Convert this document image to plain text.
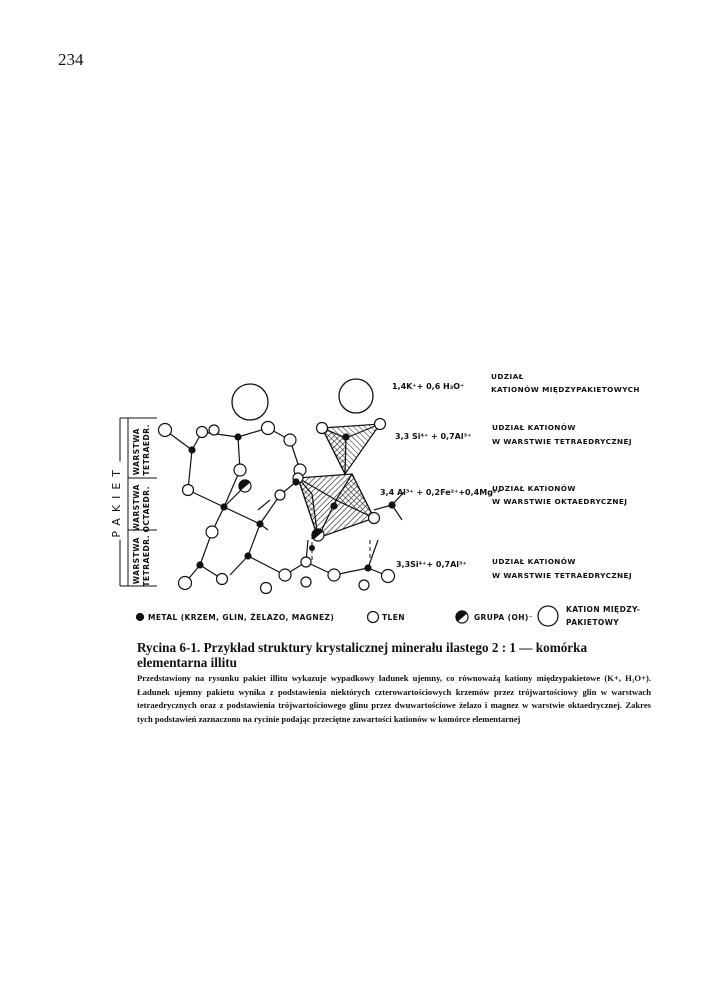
234
1,4K⁺+ 0,6 H₃O⁺
3,3 Si⁴⁺ + 0,7Al³⁺
3,4 Al³⁺ + 0,2Fe²⁺+0,4Mg²⁺
3,3Si⁴⁺+ 0,7Al³⁺
UDZIAŁ
KATIONÓW MIĘDZYPAKIETOWYCH
UDZIAŁ KATIONÓW
W WARSTWIE TETRAEDRYCZNEJ
UDZIAŁ KATIONÓW
W WARSTWIE OKTAEDRYCZNEJ
UDZIAŁ KATIONÓW
W WARSTWIE TETRAEDRYCZNEJ
PAKIET
WARSTWA TETRAEDR.
WARSTWA OCTAEDR.
WARSTWA TETRAEDR.
METAL (KRZEM, GLIN, ŻELAZO, MAGNEZ)	TLEN	GRUPA (OH)⁻
KATION MIĘDZY-
PAKIETOWY
Rycina 6-1. Przykład struktury krystalicznej minerału ilastego 2 : 1 — komórka elementarna illitu
Przedstawiony na rysunku pakiet illitu wykazuje wypadkowy ładunek ujemny, co równoważą kationy międzypakietowe (K+, H₃O+). Ładunek ujemny pakietu wynika z podstawienia niektórych czterowartościowych krzemów przez trójwartościowy glin w warstwach tetraedrycznych oraz z podstawienia trójwartościowego glinu przez dwuwartościowe żelazo i magnez w warstwie oktaedrycznej. Zakres tych podstawień zaznaczono na rycinie podając przeciętne zawartości kationów w komórce elementarnej
